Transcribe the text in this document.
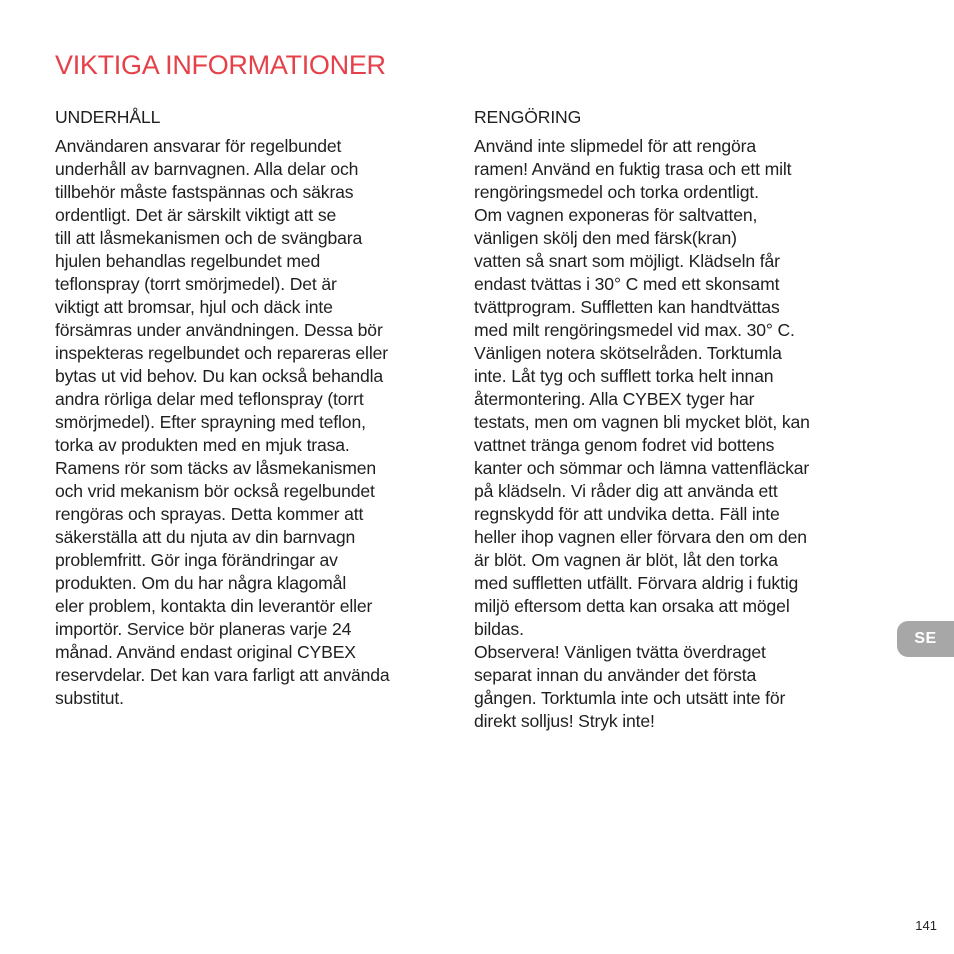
VIKTIGA INFORMATIONER
UNDERHÅLL

Användaren ansvarar för regelbundet
underhåll av barnvagnen. Alla delar och
tillbehör måste fastspännas och säkras
ordentligt. Det är särskilt viktigt att se
till att låsmekanismen och de svängbara
hjulen behandlas regelbundet med
teflonspray (torrt smörjmedel). Det är
viktigt att bromsar, hjul och däck inte
försämras under användningen. Dessa bör
inspekteras regelbundet och repareras eller
bytas ut vid behov. Du kan också behandla
andra rörliga delar med teflonspray (torrt
smörjmedel). Efter sprayning med teflon,
torka av produkten med en mjuk trasa.
Ramens rör som täcks av låsmekanismen
och vrid mekanism bör också regelbundet
rengöras och sprayas. Detta kommer att
säkerställa att du njuta av din barnvagn
problemfritt. Gör inga förändringar av
produkten. Om du har några klagomål
eler problem, kontakta din leverantör eller
importör. Service bör planeras varje 24
månad. Använd endast original CYBEX
reservdelar. Det kan vara farligt att använda
substitut.

RENGÖRING

Använd inte slipmedel för att rengöra
ramen! Använd en fuktig trasa och ett milt
rengöringsmedel och torka ordentligt.
Om vagnen exponeras för saltvatten,
vänligen skölj den med färsk(kran)
vatten så snart som möjligt. Klädseln får
endast tvättas i 30° C med ett skonsamt
tvättprogram. Suffletten kan handtvättas
med milt rengöringsmedel vid max. 30° C.
Vänligen notera skötselråden. Torktumla
inte. Låt tyg och sufflett torka helt innan
återmontering. Alla CYBEX tyger har
testats, men om vagnen bli mycket blöt, kan
vattnet tränga genom fodret vid bottens
kanter och sömmar och lämna vattenfläckar
på klädseln. Vi råder dig att använda ett
regnskydd för att undvika detta. Fäll inte
heller ihop vagnen eller förvara den om den
är blöt. Om vagnen är blöt, låt den torka
med suffletten utfällt. Förvara aldrig i fuktig
miljö eftersom detta kan orsaka att mögel
bildas.
Observera! Vänligen tvätta överdraget
separat innan du använder det första
gången. Torktumla inte och utsätt inte för
direkt solljus! Stryk inte!

SE
141
